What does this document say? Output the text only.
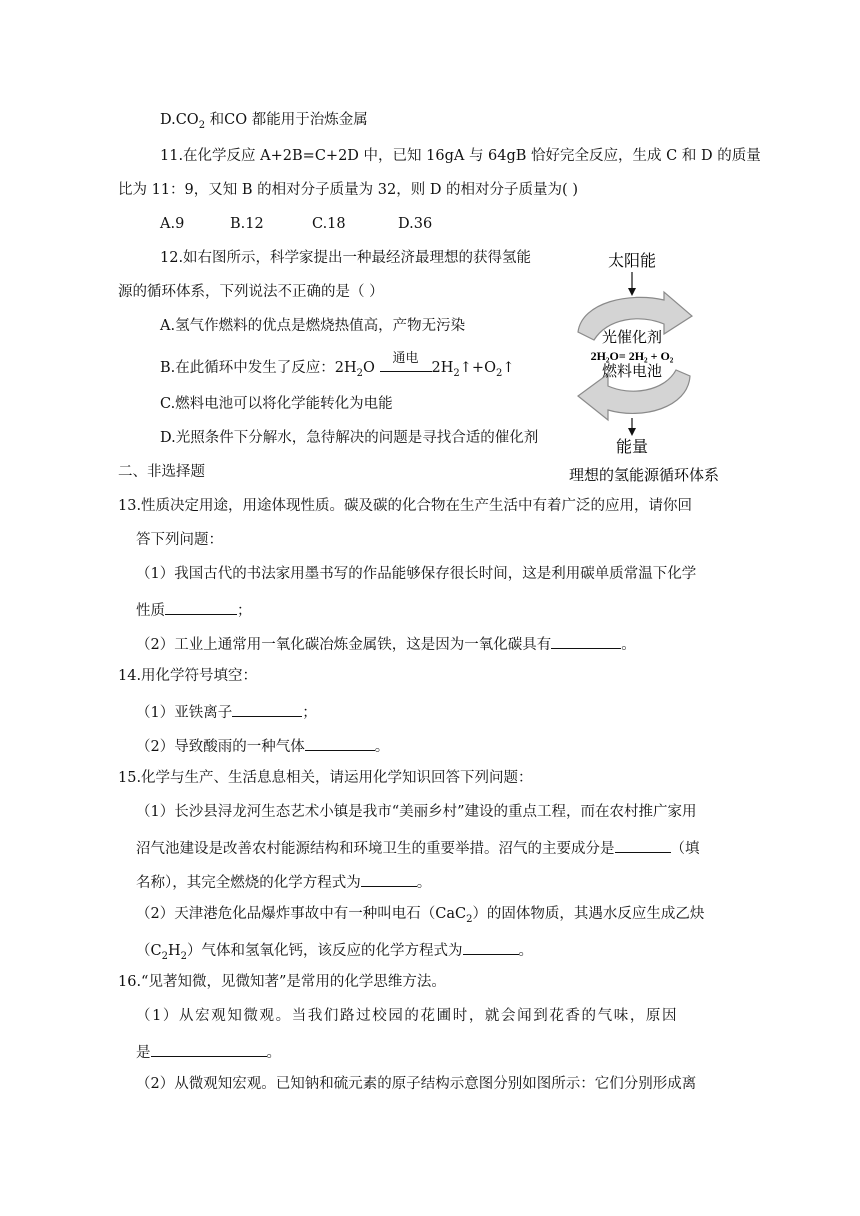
$D.CO_2$ 和CO 都能用于治炼金属
11.在化学反应 A+2B=C+2D 中，已知 16gA 与 64gB 恰好完全反应，生成 C 和 D 的质量
比为 11：9，又知 B 的相对分子质量为 32，则 D 的相对分子质量为( )
A.9	B.12	C.18	D.36
12.如右图所示，科学家提出一种最经济最理想的获得氢能
源的循环体系，下列说法不正确的是（ ）
A.氢气作燃料的优点是燃烧热值高，产物无污染
B.在此循环中发生了反应：$2H_2O$
通电
$2H_2↑+O_2↑$
C.燃料电池可以将化学能转化为电能
D.光照条件下分解水，急待解决的问题是寻找合适的催化剂
太阳能
光催化剂
2H₂O= 2H₂ + O₂
燃料电池
能量
理想的氢能源循环体系
二、非选择题
13.性质决定用途，用途体现性质。碳及碳的化合物在生产生活中有着广泛的应用，请你回
答下列问题：
（1）我国古代的书法家用墨书写的作品能够保存很长时间，这是利用碳单质常温下化学
性质	；
（2）工业上通常用一氧化碳冶炼金属铁，这是因为一氧化碳具有	。
14.用化学符号填空：
（1）亚铁离子	；
（2）导致酸雨的一种气体	。
15.化学与生产、生活息息相关，请运用化学知识回答下列问题：
（1）长沙县浔龙河生态艺术小镇是我市“美丽乡村”建设的重点工程，而在农村推广家用
沼气池建设是改善农村能源结构和环境卫生的重要举措。沼气的主要成分是	（填
名称），其完全燃烧的化学方程式为	。
（2）天津港危化品爆炸事故中有一种叫电石（CaC$_2$）的固体物质，其遇水反应生成乙炔
$(C_2H_2)$气体和氢氧化钙，该反应的化学方程式为	。
16.“见著知微，见微知著”是常用的化学思维方法。
（1）从宏观知微观。当我们路过校园的花圃时，就会闻到花香的气味，原因
是	。
（2）从微观知宏观。已知钠和硫元素的原子结构示意图分别如图所示：它们分别形成离
